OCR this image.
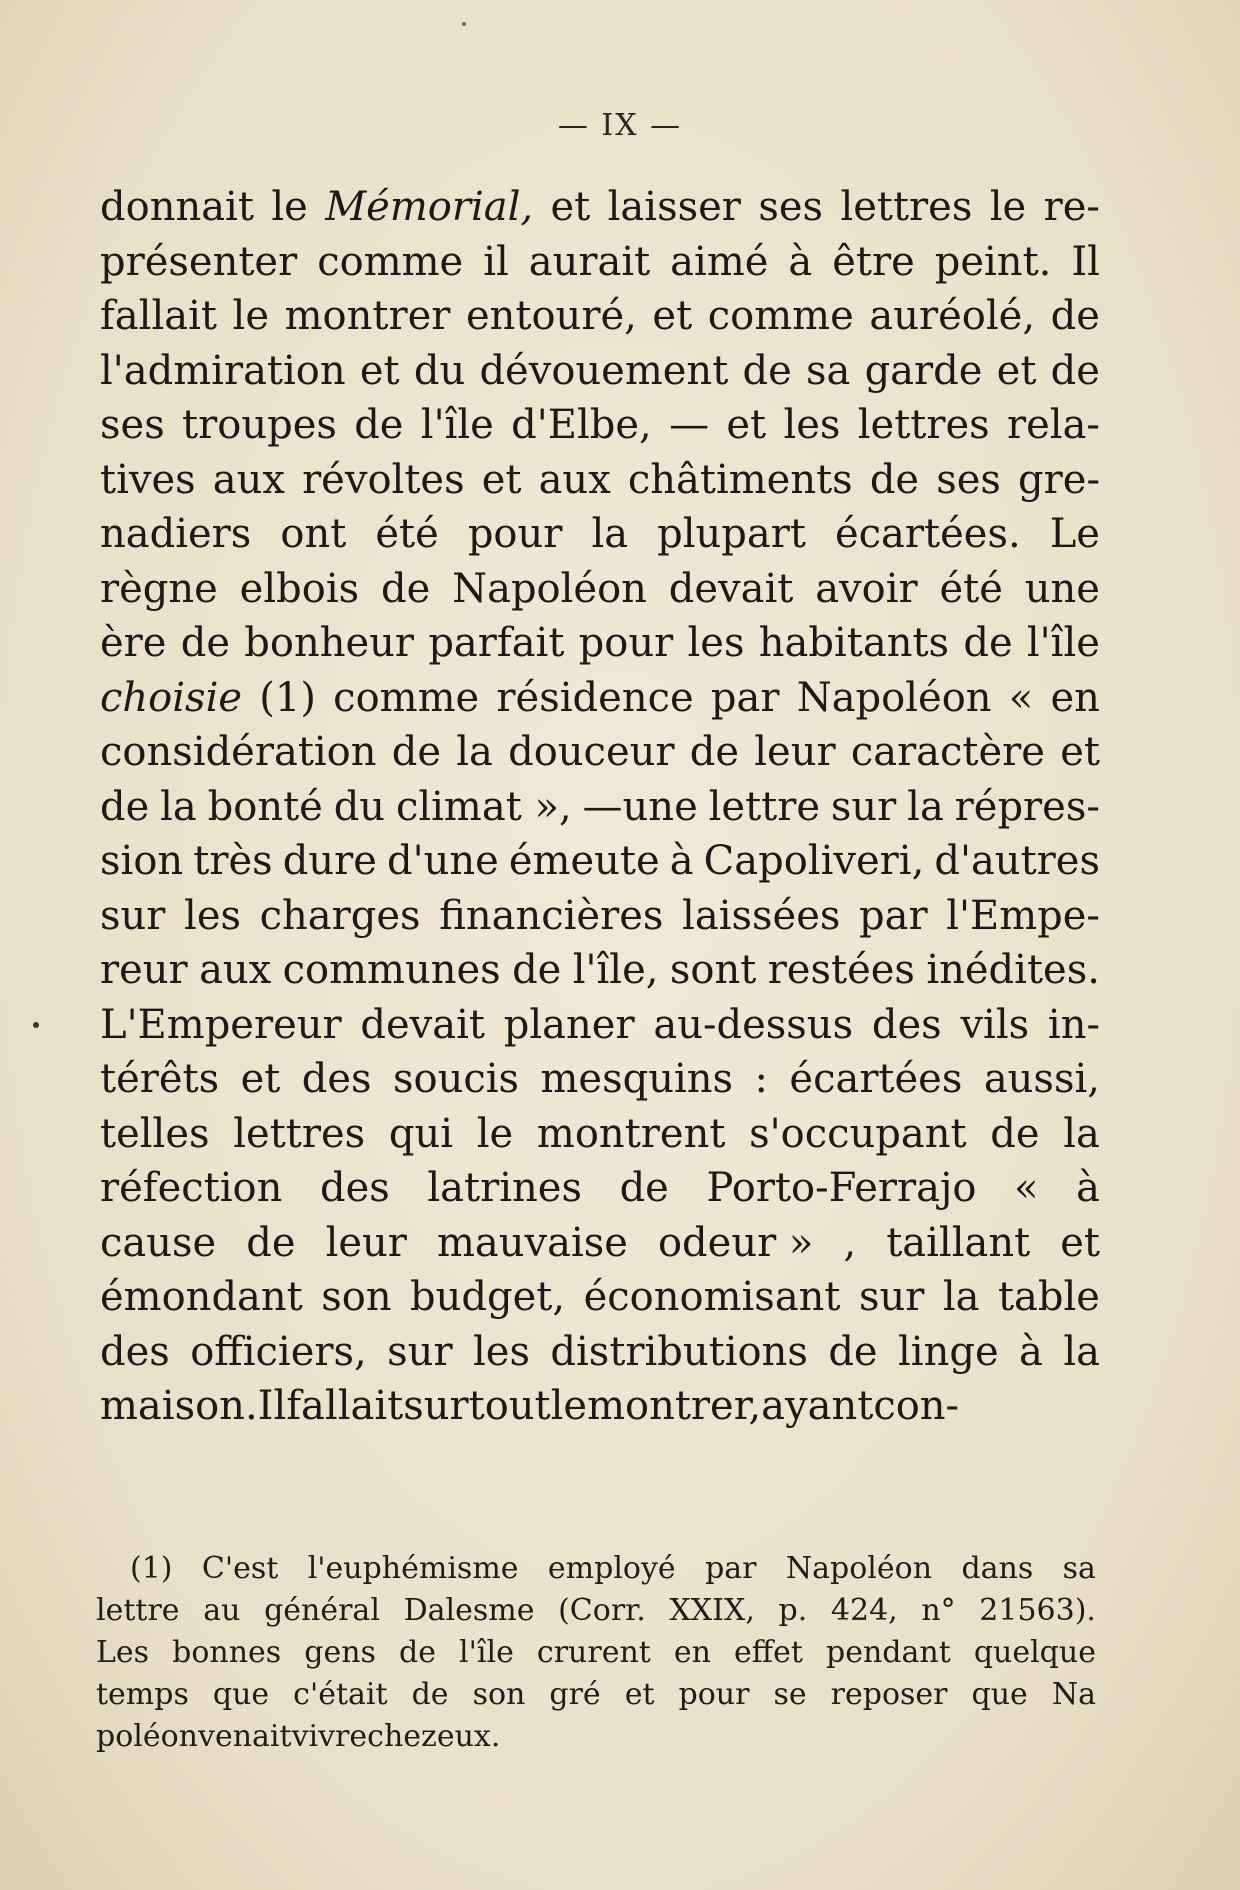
— IX —
donnait le Mémorial, et laisser ses lettres le re-
présenter comme il aurait aimé à être peint. Il
fallait le montrer entouré, et comme auréolé, de
l'admiration et du dévouement de sa garde et de
ses troupes de l'île d'Elbe, — et les lettres rela-
tives aux révoltes et aux châtiments de ses gre-
nadiers ont été pour la plupart écartées. Le
règne elbois de Napoléon devait avoir été une
ère de bonheur parfait pour les habitants de l'île
choisie (1) comme résidence par Napoléon « en
considération de la douceur de leur caractère et
de la bonté du climat », —une lettre sur la répres-
sion très dure d'une émeute à Capoliveri, d'autres
sur les charges financières laissées par l'Empe-
reur aux communes de l'île, sont restées inédites.
L'Empereur devait planer au-dessus des vils in-
térêts et des soucis mesquins : écartées aussi,
telles lettres qui le montrent s'occupant de la
réfection des latrines de Porto-Ferrajo « à
cause de leur mauvaise odeur » , taillant et
émondant son budget, économisant sur la table
des officiers, sur les distributions de linge à la
maison. Il fallait surtout le montrer, ayant con-
(1) C'est l'euphémisme employé par Napoléon dans sa
lettre au général Dalesme (Corr. XXIX, p. 424, n° 21563).
Les bonnes gens de l'île crurent en effet pendant quelque
temps que c'était de son gré et pour se reposer que Na
poléon venait vivre chez eux.
